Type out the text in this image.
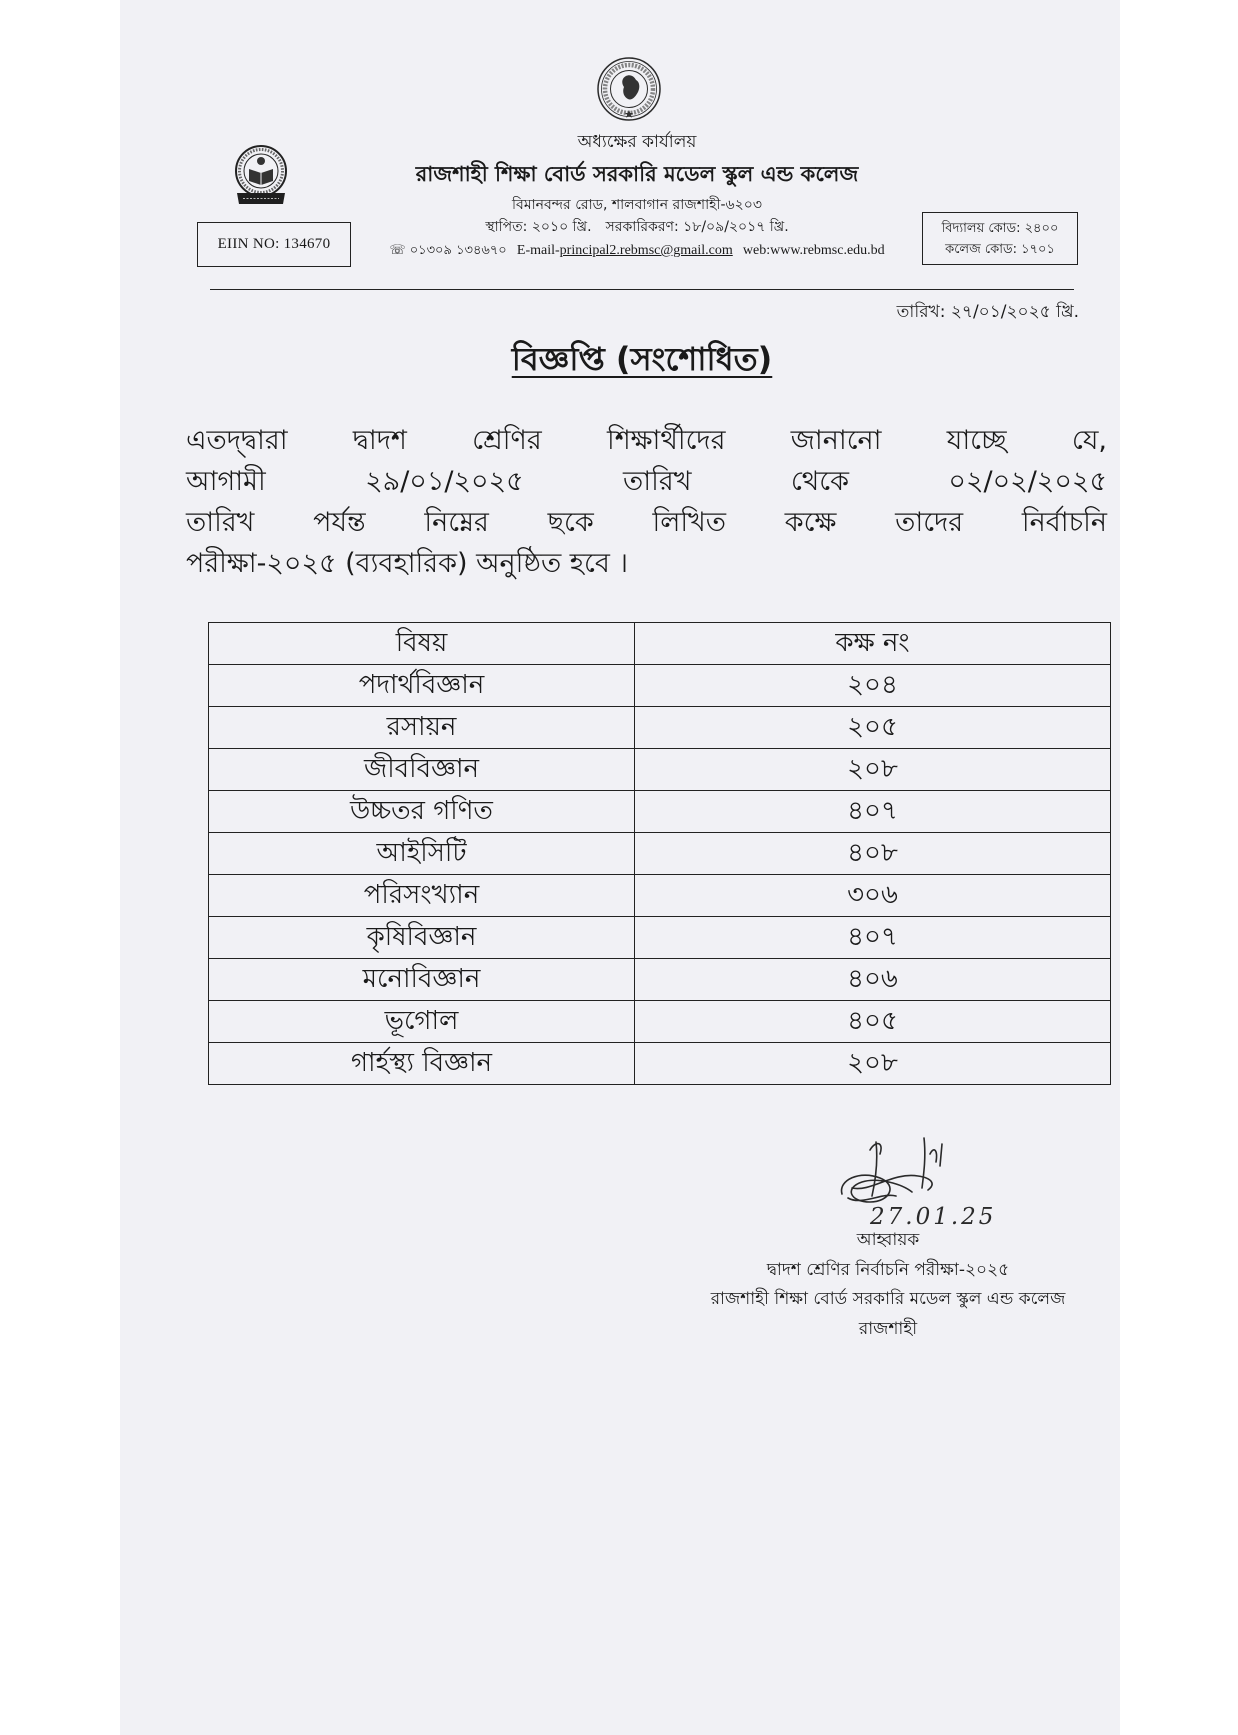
অধ্যক্ষের কার্যালয়
রাজশাহী শিক্ষা বোর্ড সরকারি মডেল স্কুল এন্ড কলেজ
বিমানবন্দর রোড, শালবাগান রাজশাহী-৬২০৩
স্থাপিত: ২০১০ খ্রি. সরকারিকরণ: ১৮/০৯/২০১৭ খ্রি.
☏ ০১৩০৯ ১৩৪৬৭০ E-mail-principal2.rebmsc@gmail.com web:www.rebmsc.edu.bd
EIIN NO: 134670
বিদ্যালয় কোড: ২৪০০
কলেজ কোড: ১৭০১
তারিখ: ২৭/০১/২০২৫ খ্রি.
বিজ্ঞপ্তি (সংশোধিত)
এতদ্দ্বারা দ্বাদশ শ্রেণির শিক্ষার্থীদের জানানো যাচ্ছে যে,
আগামী ২৯/০১/২০২৫ তারিখ থেকে ০২/০২/২০২৫
তারিখ পর্যন্ত নিম্নের ছকে লিখিত কক্ষে তাদের নির্বাচনি
পরীক্ষা-২০২৫ (ব্যবহারিক) অনুষ্ঠিত হবে ।
বিষয়	কক্ষ নং
পদার্থবিজ্ঞান	২০৪
রসায়ন	২০৫
জীববিজ্ঞান	২০৮
উচ্চতর গণিত	৪০৭
আইসিটি	৪০৮
পরিসংখ্যান	৩০৬
কৃষিবিজ্ঞান	৪০৭
মনোবিজ্ঞান	৪০৬
ভূগোল	৪০৫
গার্হস্থ্য বিজ্ঞান	২০৮
27.01.25
আহ্বায়ক
দ্বাদশ শ্রেণির নির্বাচনি পরীক্ষা-২০২৫
রাজশাহী শিক্ষা বোর্ড সরকারি মডেল স্কুল এন্ড কলেজ
রাজশাহী
